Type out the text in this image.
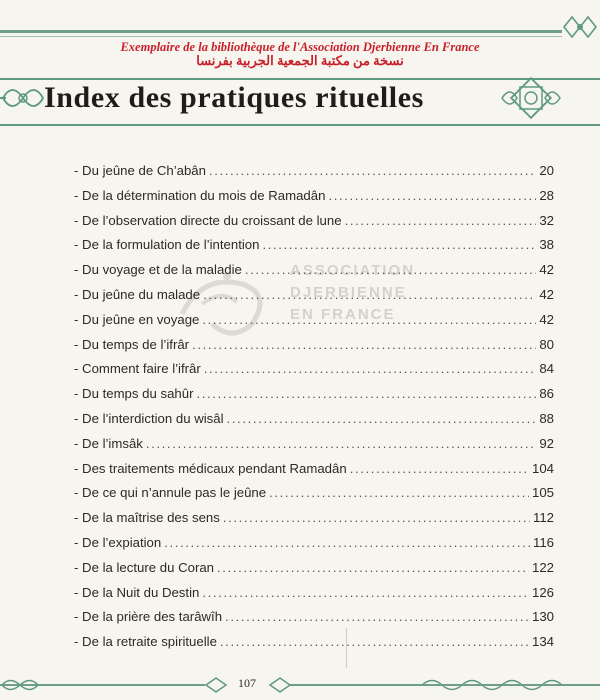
Exemplaire de la bibliothèque de l'Association Djerbienne En France
نسخة من مكتبة الجمعية الجربية بفرنسا
Index des pratiques rituelles
ASSOCIATION
DJERBIENNE
EN FRANCE
- Du jeûne de Ch’abân .....	20
- De la détermination du mois de Ramadân .....	28
- De l’observation directe du croissant de lune .....	32
- De la formulation de l’intention .....	38
- Du voyage et de la maladie .....	42
- Du jeûne du malade .....	42
- Du jeûne en voyage .....	42
- Du temps de l’ifrâr .....	80
- Comment faire l’ifrâr .....	84
- Du temps du sahûr .....	86
- De l’interdiction du wisâl .....	88
- De l’imsâk .....	92
- Des traitements médicaux pendant Ramadân .....	104
- De ce qui n’annule pas le jeûne .....	105
- De la maîtrise des sens .....	112
- De l’expiation .....	116
- De la lecture du Coran .....	122
- De la Nuit du Destin .....	126
- De la prière des tarâwîh .....	130
- De la retraite spirituelle .....	134
107
